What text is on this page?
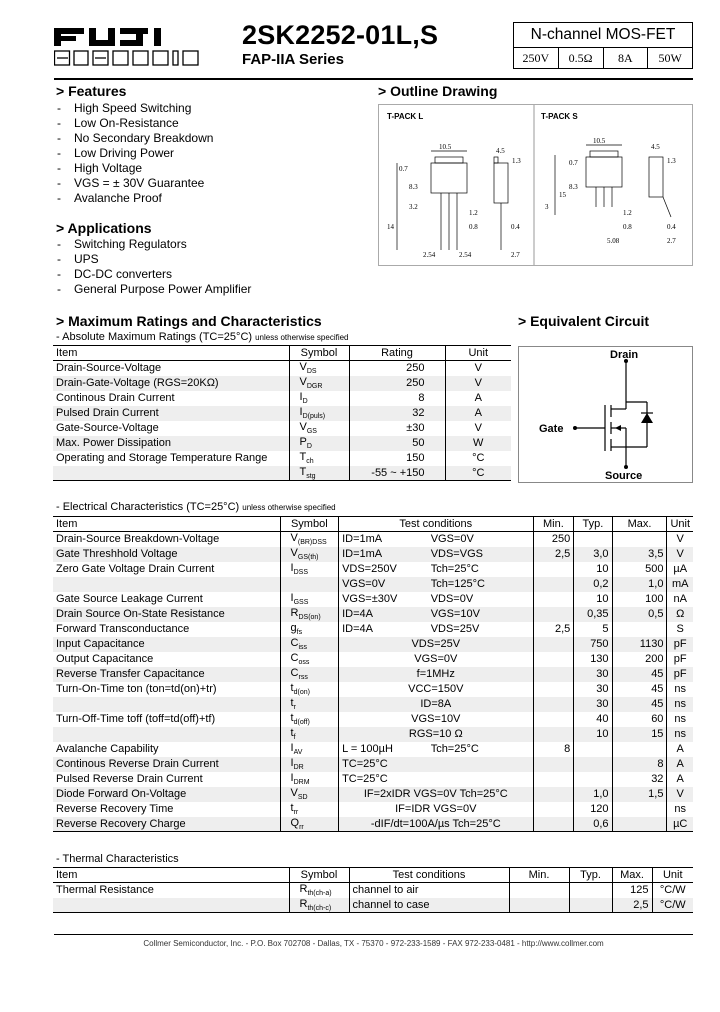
FUJI ELECTRIC
2SK2252-01L,S
FAP-IIA Series
N-channel MOS-FET
250V	0.5Ω	8A	50W
> Features
- High Speed Switching
- Low On-Resistance
- No Secondary Breakdown
- Low Driving Power
- High Voltage
- VGS = ± 30V Guarantee
- Avalanche Proof
> Applications
- Switching Regulators
- UPS
- DC-DC converters
- General Purpose Power Amplifier
> Outline Drawing
T-PACK L	T-PACK S
10.5	4.5
1.3
0.7
8.3
3.2
14
1.2
0.8	0.4
2.54	2.54	2.7
10.5
4.5
1.3
0.7
8.3
3
15
1.2
0.8
5.08	2.7
0.4
> Maximum Ratings and Characteristics
- Absolute Maximum Ratings (TC=25°C) unless otherwise specified
Item	Symbol	Rating	Unit
Drain-Source-Voltage	$V_{DS}$	250	V
Drain-Gate-Voltage (RGS=20KΩ)	$V_{DGR}$	250	V
Continous Drain Current	$I_D$	8	A
Pulsed Drain Current	$I_{D(puls)}$	32	A
Gate-Source-Voltage	$V_{GS}$	±30	V
Max. Power Dissipation	$P_D$	50	W
Operating and Storage Temperature Range	$T_{ch}$	150	°C
	$T_{stg}$	-55 ~ +150	°C
> Equivalent Circuit
Drain
Gate
Source
- Electrical Characteristics (TC=25°C) unless otherwise specified
Item	Symbol	Test conditions		Min.	Typ.	Max.	Unit
Drain-Source Breakdown-Voltage	$V_{(BR)DSS}$	ID=1mA	VGS=0V	250			V
Gate Threshhold Voltage	$V_{GS(th)}$	ID=1mA	VDS=VGS	2,5	3,0	3,5	V
Zero Gate Voltage Drain Current	$I_{DSS}$	VDS=250V	Tch=25°C		10	500	µA
		VGS=0V	Tch=125°C		0,2	1,0	mA
Gate Source Leakage Current	$I_{GSS}$	VGS=±30V	VDS=0V		10	100	nA
Drain Source On-State Resistance	$R_{DS(on)}$	ID=4A	VGS=10V		0,35	0,5	Ω
Forward Transconductance	$g_{fs}$	ID=4A	VDS=25V	2,5	5		S
Input Capacitance	$C_{iss}$	VDS=25V			750	1130	pF
Output Capacitance	$C_{oss}$	VGS=0V			130	200	pF
Reverse Transfer Capacitance	$C_{rss}$	f=1MHz			30	45	pF
Turn-On-Time ton (ton=td(on)+tr)	$t_{d(on)}$	VCC=150V			30	45	ns
	$t_r$	ID=8A			30	45	ns
Turn-Off-Time toff (toff=td(off)+tf)	$t_{d(off)}$	VGS=10V			40	60	ns
	$t_f$	RGS=10 Ω			10	15	ns
Avalanche Capability	$I_{AV}$	L = 100µH	Tch=25°C	8			A
Continous Reverse Drain Current	$I_{DR}$	TC=25°C				8	A
Pulsed Reverse Drain Current	$I_{DRM}$	TC=25°C				32	A
Diode Forward On-Voltage	$V_{SD}$	IF=2xIDR VGS=0V Tch=25°C			1,0	1,5	V
Reverse Recovery Time	$t_{rr}$	IF=IDR VGS=0V			120		ns
Reverse Recovery Charge	$Q_{rr}$	-dIF/dt=100A/µs Tch=25°C			0,6		µC
- Thermal Characteristics
Item	Symbol	Test conditions	Min.	Typ.	Max.	Unit
Thermal Resistance	$R_{th(ch-a)}$	channel to air			125	°C/W
	$R_{th(ch-c)}$	channel to case			2,5	°C/W
Collmer Semiconductor, Inc. - P.O. Box 702708 - Dallas, TX - 75370 - 972-233-1589 - FAX 972-233-0481 - http://www.collmer.com
